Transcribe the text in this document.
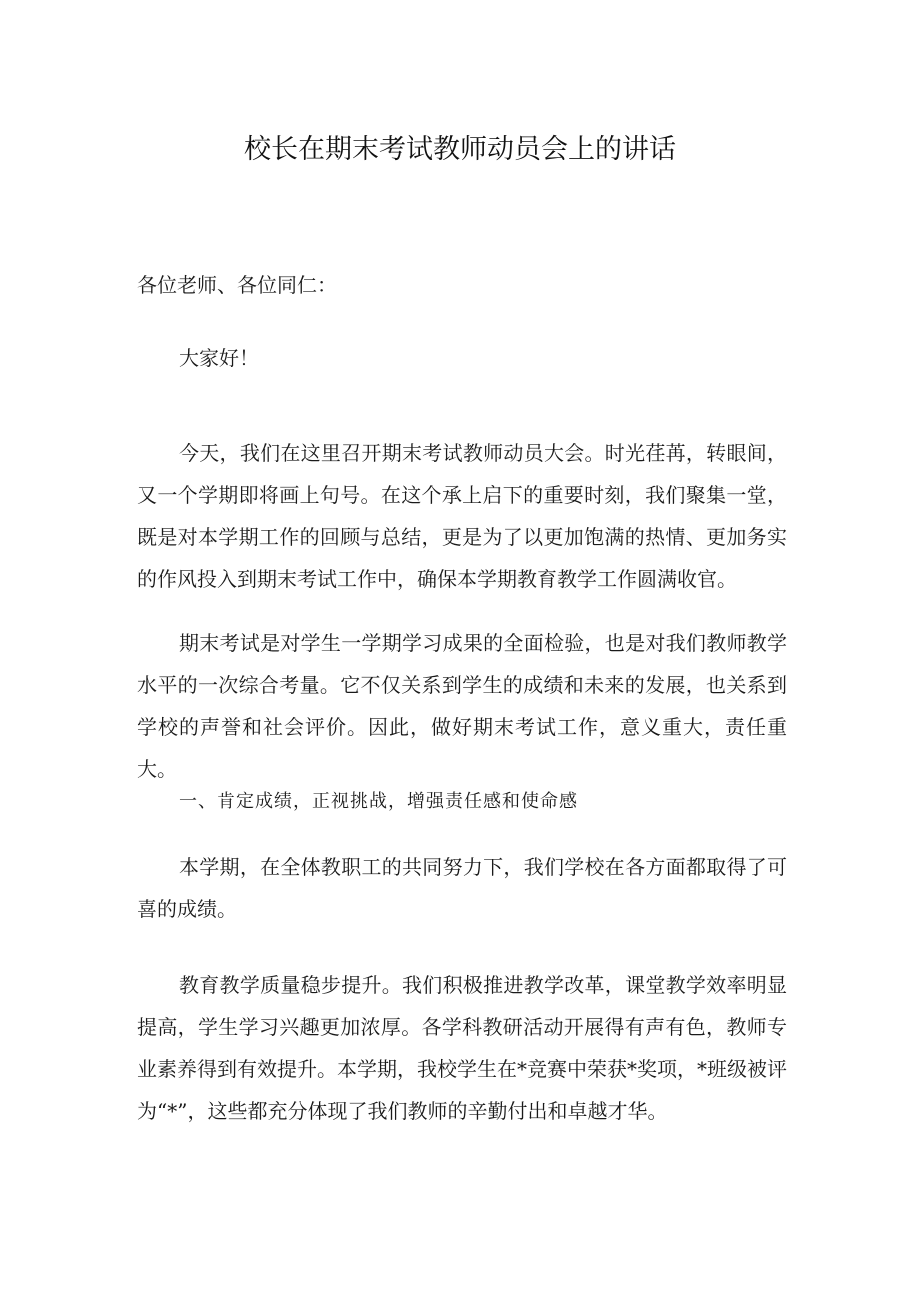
校长在期末考试教师动员会上的讲话
各位老师、各位同仁：
大家好！
今天，我们在这里召开期末考试教师动员大会。时光荏苒，转眼间，又一个学期即将画上句号。在这个承上启下的重要时刻，我们聚集一堂，既是对本学期工作的回顾与总结，更是为了以更加饱满的热情、更加务实的作风投入到期末考试工作中，确保本学期教育教学工作圆满收官。
期末考试是对学生一学期学习成果的全面检验，也是对我们教师教学水平的一次综合考量。它不仅关系到学生的成绩和未来的发展，也关系到学校的声誉和社会评价。因此，做好期末考试工作，意义重大，责任重大。
一、肯定成绩，正视挑战，增强责任感和使命感
本学期，在全体教职工的共同努力下，我们学校在各方面都取得了可喜的成绩。
教育教学质量稳步提升。我们积极推进教学改革，课堂教学效率明显提高，学生学习兴趣更加浓厚。各学科教研活动开展得有声有色，教师专业素养得到有效提升。本学期，我校学生在*竞赛中荣获*奖项，*班级被评为“*”，这些都充分体现了我们教师的辛勤付出和卓越才华。
